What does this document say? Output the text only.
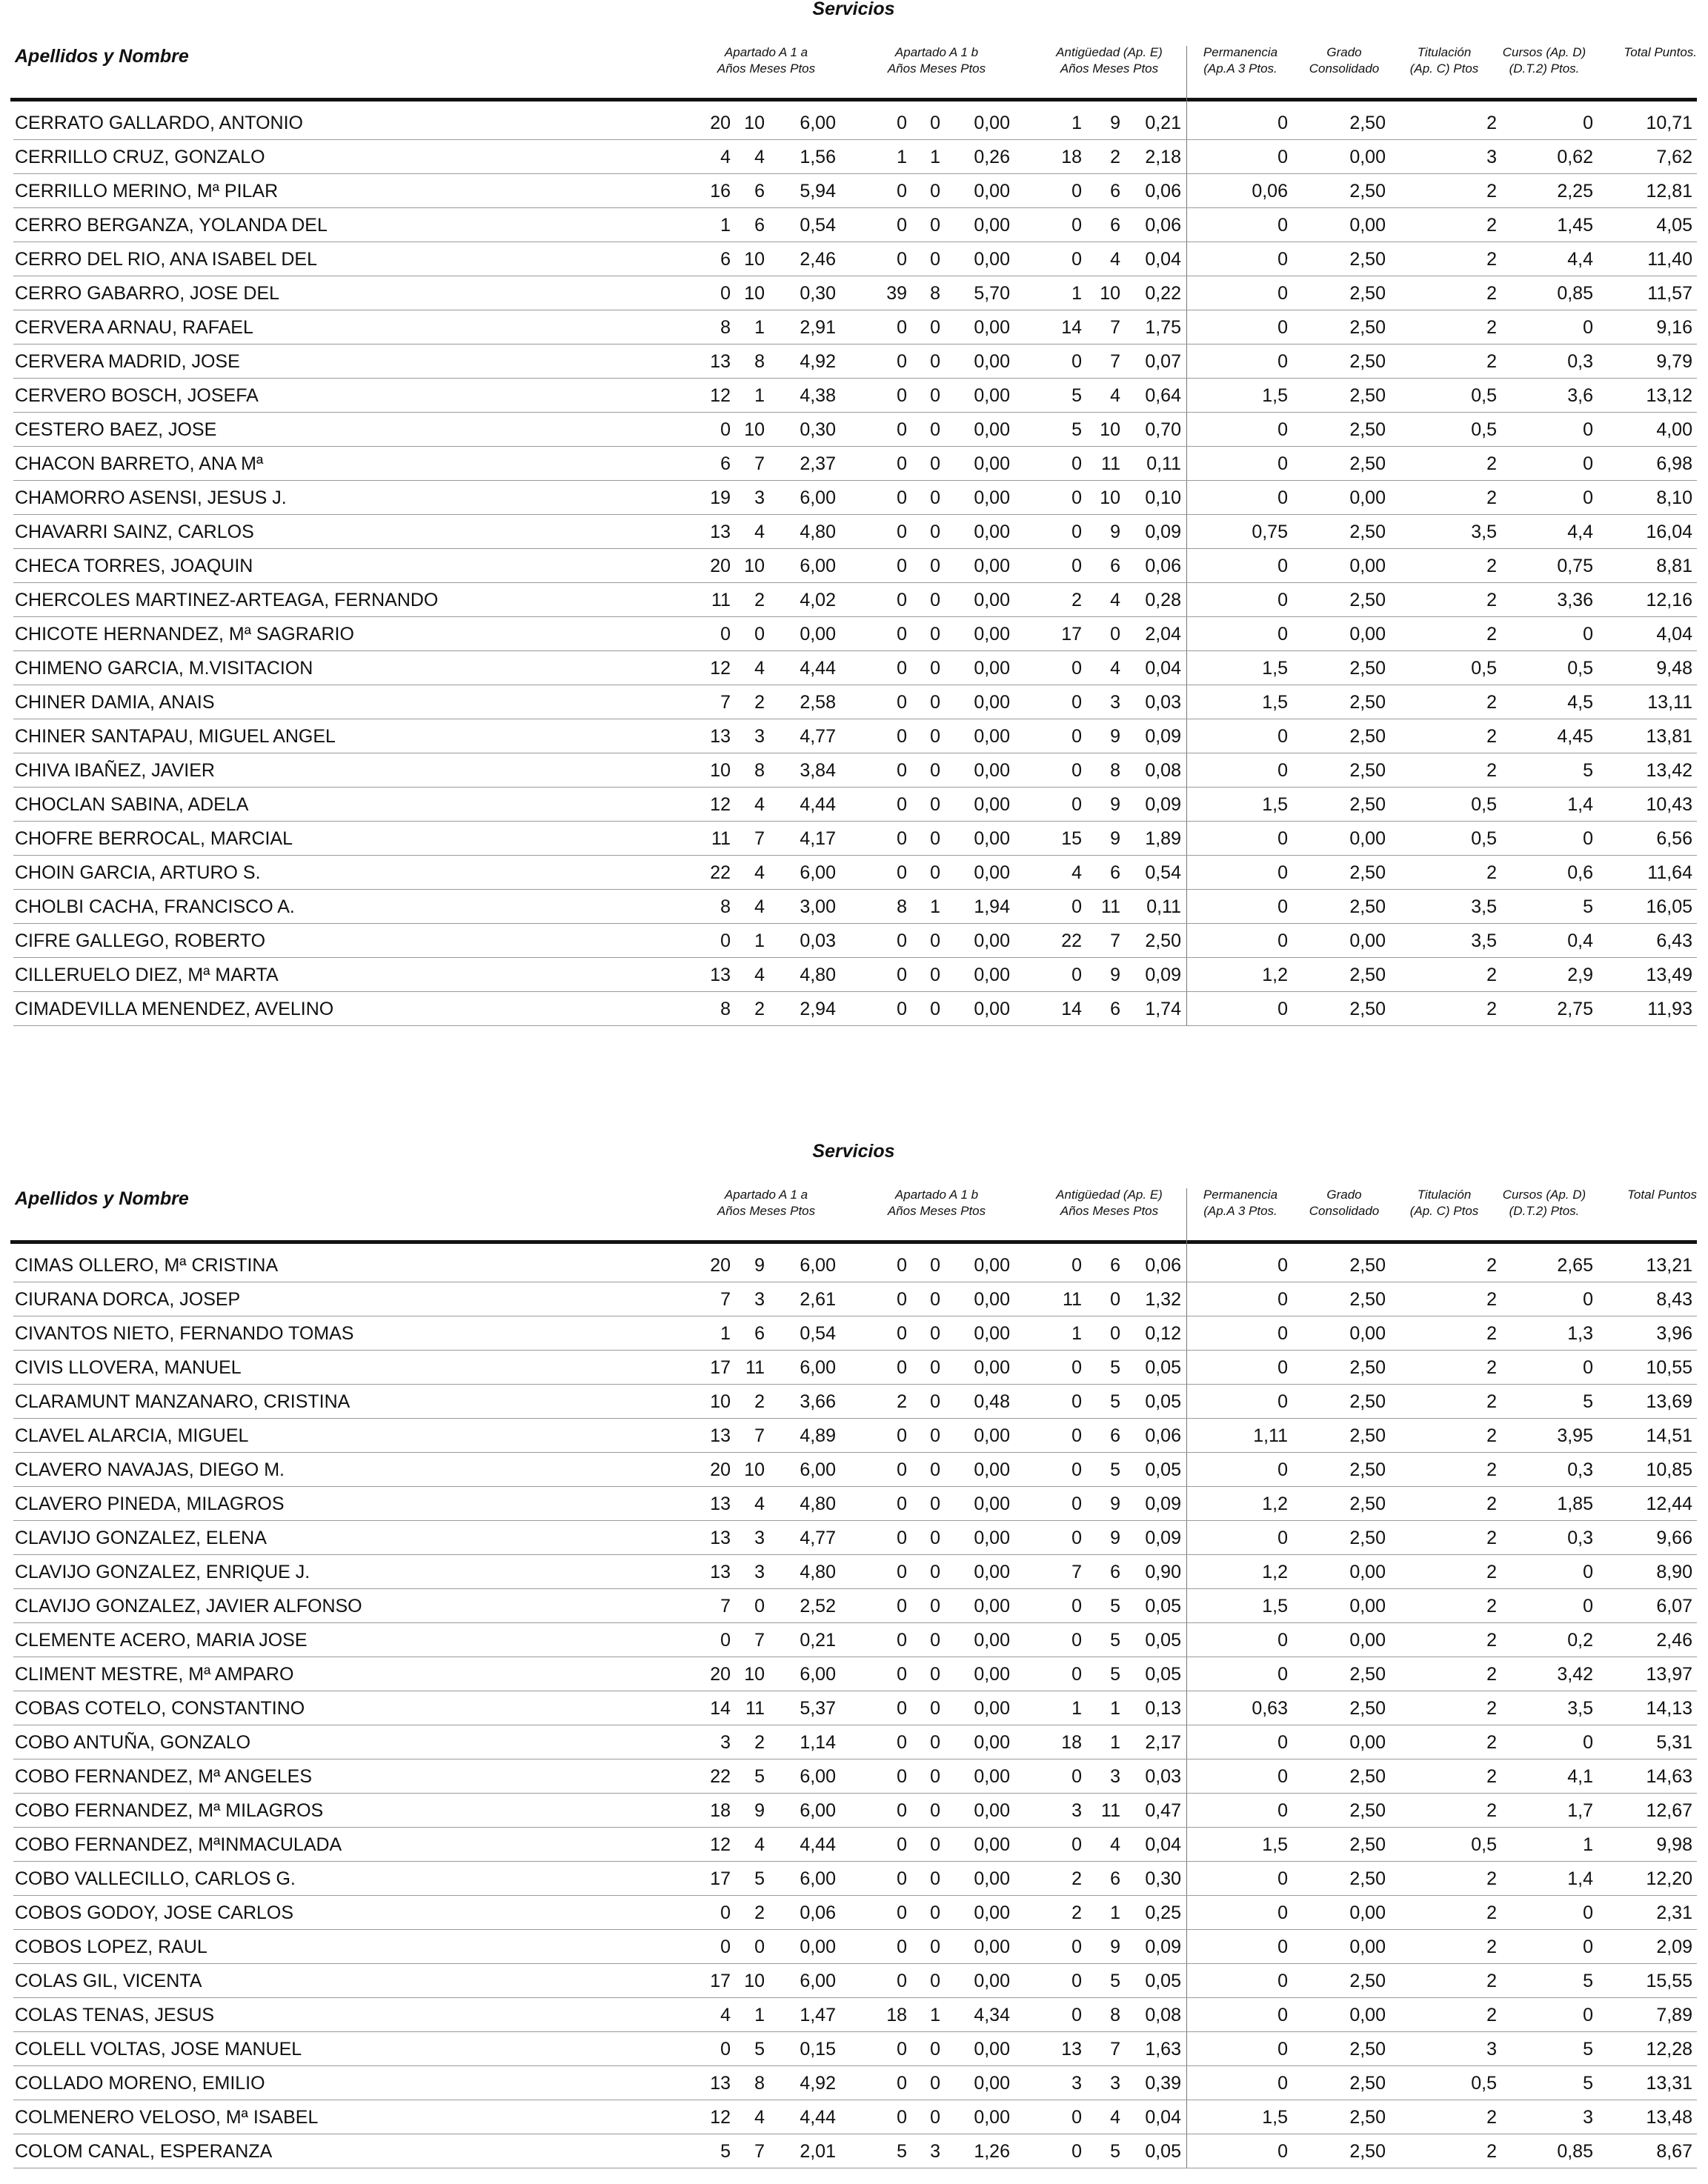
Servicios
Apellidos y Nombre	Apartado A 1 a
Años Meses Ptos
Apartado A 1 b
Años Meses Ptos
Antigüedad (Ap. E)
Años Meses Ptos
Permanencia
(Ap.A 3 Ptos.
Grado
Consolidado
Titulación
(Ap. C) Ptos
Cursos (Ap. D)
(D.T.2) Ptos.
Total Puntos.
CERRATO GALLARDO, ANTONIO	20 10	6,00	0	0	0,00	1	9	0,21	0	2,50	2	0	10,71
CERRILLO CRUZ, GONZALO	4	4	1,56	1	1	0,26	18	2	2,18	0	0,00	3	0,62	7,62
CERRILLO MERINO, Mª PILAR	16	6	5,94	0	0	0,00	0	6	0,06	0,06	2,50	2	2,25	12,81
CERRO BERGANZA, YOLANDA DEL	1	6	0,54	0	0	0,00	0	6	0,06	0	0,00	2	1,45	4,05
CERRO DEL RIO, ANA ISABEL DEL	6 10	2,46	0	0	0,00	0	4	0,04	0	2,50	2	4,4	11,40
CERRO GABARRO, JOSE DEL	0 10	0,30	39	8	5,70	1 10	0,22	0	2,50	2	0,85	11,57
CERVERA ARNAU, RAFAEL	8	1	2,91	0	0	0,00	14	7	1,75	0	2,50	2	0	9,16
CERVERA MADRID, JOSE	13	8	4,92	0	0	0,00	0	7	0,07	0	2,50	2	0,3	9,79
CERVERO BOSCH, JOSEFA	12	1	4,38	0	0	0,00	5	4	0,64	1,5	2,50	0,5	3,6	13,12
CESTERO BAEZ, JOSE	0 10	0,30	0	0	0,00	5 10	0,70	0	2,50	0,5	0	4,00
CHACON BARRETO, ANA Mª	6	7	2,37	0	0	0,00	0	11	0,11	0	2,50	2	0	6,98
CHAMORRO ASENSI, JESUS J.	19	3	6,00	0	0	0,00	0 10	0,10	0	0,00	2	0	8,10
CHAVARRI SAINZ, CARLOS	13	4	4,80	0	0	0,00	0	9	0,09	0,75	2,50	3,5	4,4	16,04
CHECA TORRES, JOAQUIN	20 10	6,00	0	0	0,00	0	6	0,06	0	0,00	2	0,75	8,81
CHERCOLES MARTINEZ-ARTEAGA, FERNANDO	11	2	4,02	0	0	0,00	2	4	0,28	0	2,50	2	3,36	12,16
CHICOTE HERNANDEZ, Mª SAGRARIO	0	0	0,00	0	0	0,00	17	0	2,04	0	0,00	2	0	4,04
CHIMENO GARCIA, M.VISITACION	12	4	4,44	0	0	0,00	0	4	0,04	1,5	2,50	0,5	0,5	9,48
CHINER DAMIA, ANAIS	7	2	2,58	0	0	0,00	0	3	0,03	1,5	2,50	2	4,5	13,11
CHINER SANTAPAU, MIGUEL ANGEL	13	3	4,77	0	0	0,00	0	9	0,09	0	2,50	2	4,45	13,81
CHIVA IBAÑEZ, JAVIER	10	8	3,84	0	0	0,00	0	8	0,08	0	2,50	2	5	13,42
CHOCLAN SABINA, ADELA	12	4	4,44	0	0	0,00	0	9	0,09	1,5	2,50	0,5	1,4	10,43
CHOFRE BERROCAL, MARCIAL	11	7	4,17	0	0	0,00	15	9	1,89	0	0,00	0,5	0	6,56
CHOIN GARCIA, ARTURO S.	22	4	6,00	0	0	0,00	4	6	0,54	0	2,50	2	0,6	11,64
CHOLBI CACHA, FRANCISCO A.	8	4	3,00	8	1	1,94	0	11	0,11	0	2,50	3,5	5	16,05
CIFRE GALLEGO, ROBERTO	0	1	0,03	0	0	0,00	22	7	2,50	0	0,00	3,5	0,4	6,43
CILLERUELO DIEZ, Mª MARTA	13	4	4,80	0	0	0,00	0	9	0,09	1,2	2,50	2	2,9	13,49
CIMADEVILLA MENENDEZ, AVELINO	8	2	2,94	0	0	0,00	14	6	1,74	0	2,50	2	2,75	11,93
Servicios
Apellidos y Nombre	Apartado A 1 a
Años Meses Ptos
Apartado A 1 b
Años Meses Ptos
Antigüedad (Ap. E)
Años Meses Ptos
Permanencia
(Ap.A 3 Ptos.
Grado
Consolidado
Titulación
(Ap. C) Ptos
Cursos (Ap. D)
(D.T.2) Ptos.
Total Puntos
CIMAS OLLERO, Mª CRISTINA	20	9	6,00	0	0	0,00	0	6	0,06	0	2,50	2	2,65	13,21
CIURANA DORCA, JOSEP	7	3	2,61	0	0	0,00	11	0	1,32	0	2,50	2	0	8,43
CIVANTOS NIETO, FERNANDO TOMAS	1	6	0,54	0	0	0,00	1	0	0,12	0	0,00	2	1,3	3,96
CIVIS LLOVERA, MANUEL	17 11	6,00	0	0	0,00	0	5	0,05	0	2,50	2	0	10,55
CLARAMUNT MANZANARO, CRISTINA	10	2	3,66	2	0	0,48	0	5	0,05	0	2,50	2	5	13,69
CLAVEL ALARCIA, MIGUEL	13	7	4,89	0	0	0,00	0	6	0,06	1,11	2,50	2	3,95	14,51
CLAVERO NAVAJAS, DIEGO M.	20 10	6,00	0	0	0,00	0	5	0,05	0	2,50	2	0,3	10,85
CLAVERO PINEDA, MILAGROS	13	4	4,80	0	0	0,00	0	9	0,09	1,2	2,50	2	1,85	12,44
CLAVIJO GONZALEZ, ELENA	13	3	4,77	0	0	0,00	0	9	0,09	0	2,50	2	0,3	9,66
CLAVIJO GONZALEZ, ENRIQUE J.	13	3	4,80	0	0	0,00	7	6	0,90	1,2	0,00	2	0	8,90
CLAVIJO GONZALEZ, JAVIER ALFONSO	7	0	2,52	0	0	0,00	0	5	0,05	1,5	0,00	2	0	6,07
CLEMENTE ACERO, MARIA JOSE	0	7	0,21	0	0	0,00	0	5	0,05	0	0,00	2	0,2	2,46
CLIMENT MESTRE, Mª AMPARO	20 10	6,00	0	0	0,00	0	5	0,05	0	2,50	2	3,42	13,97
COBAS COTELO, CONSTANTINO	14 11	5,37	0	0	0,00	1	1	0,13	0,63	2,50	2	3,5	14,13
COBO ANTUÑA, GONZALO	3	2	1,14	0	0	0,00	18	1	2,17	0	0,00	2	0	5,31
COBO FERNANDEZ, Mª ANGELES	22	5	6,00	0	0	0,00	0	3	0,03	0	2,50	2	4,1	14,63
COBO FERNANDEZ, Mª MILAGROS	18	9	6,00	0	0	0,00	3	11	0,47	0	2,50	2	1,7	12,67
COBO FERNANDEZ, MªINMACULADA	12	4	4,44	0	0	0,00	0	4	0,04	1,5	2,50	0,5	1	9,98
COBO VALLECILLO, CARLOS G.	17	5	6,00	0	0	0,00	2	6	0,30	0	2,50	2	1,4	12,20
COBOS GODOY, JOSE CARLOS	0	2	0,06	0	0	0,00	2	1	0,25	0	0,00	2	0	2,31
COBOS LOPEZ, RAUL	0	0	0,00	0	0	0,00	0	9	0,09	0	0,00	2	0	2,09
COLAS GIL, VICENTA	17 10	6,00	0	0	0,00	0	5	0,05	0	2,50	2	5	15,55
COLAS TENAS, JESUS	4	1	1,47	18	1	4,34	0	8	0,08	0	0,00	2	0	7,89
COLELL VOLTAS, JOSE MANUEL	0	5	0,15	0	0	0,00	13	7	1,63	0	2,50	3	5	12,28
COLLADO MORENO, EMILIO	13	8	4,92	0	0	0,00	3	3	0,39	0	2,50	0,5	5	13,31
COLMENERO VELOSO, Mª ISABEL	12	4	4,44	0	0	0,00	0	4	0,04	1,5	2,50	2	3	13,48
COLOM CANAL, ESPERANZA	5	7	2,01	5	3	1,26	0	5	0,05	0	2,50	2	0,85	8,67
